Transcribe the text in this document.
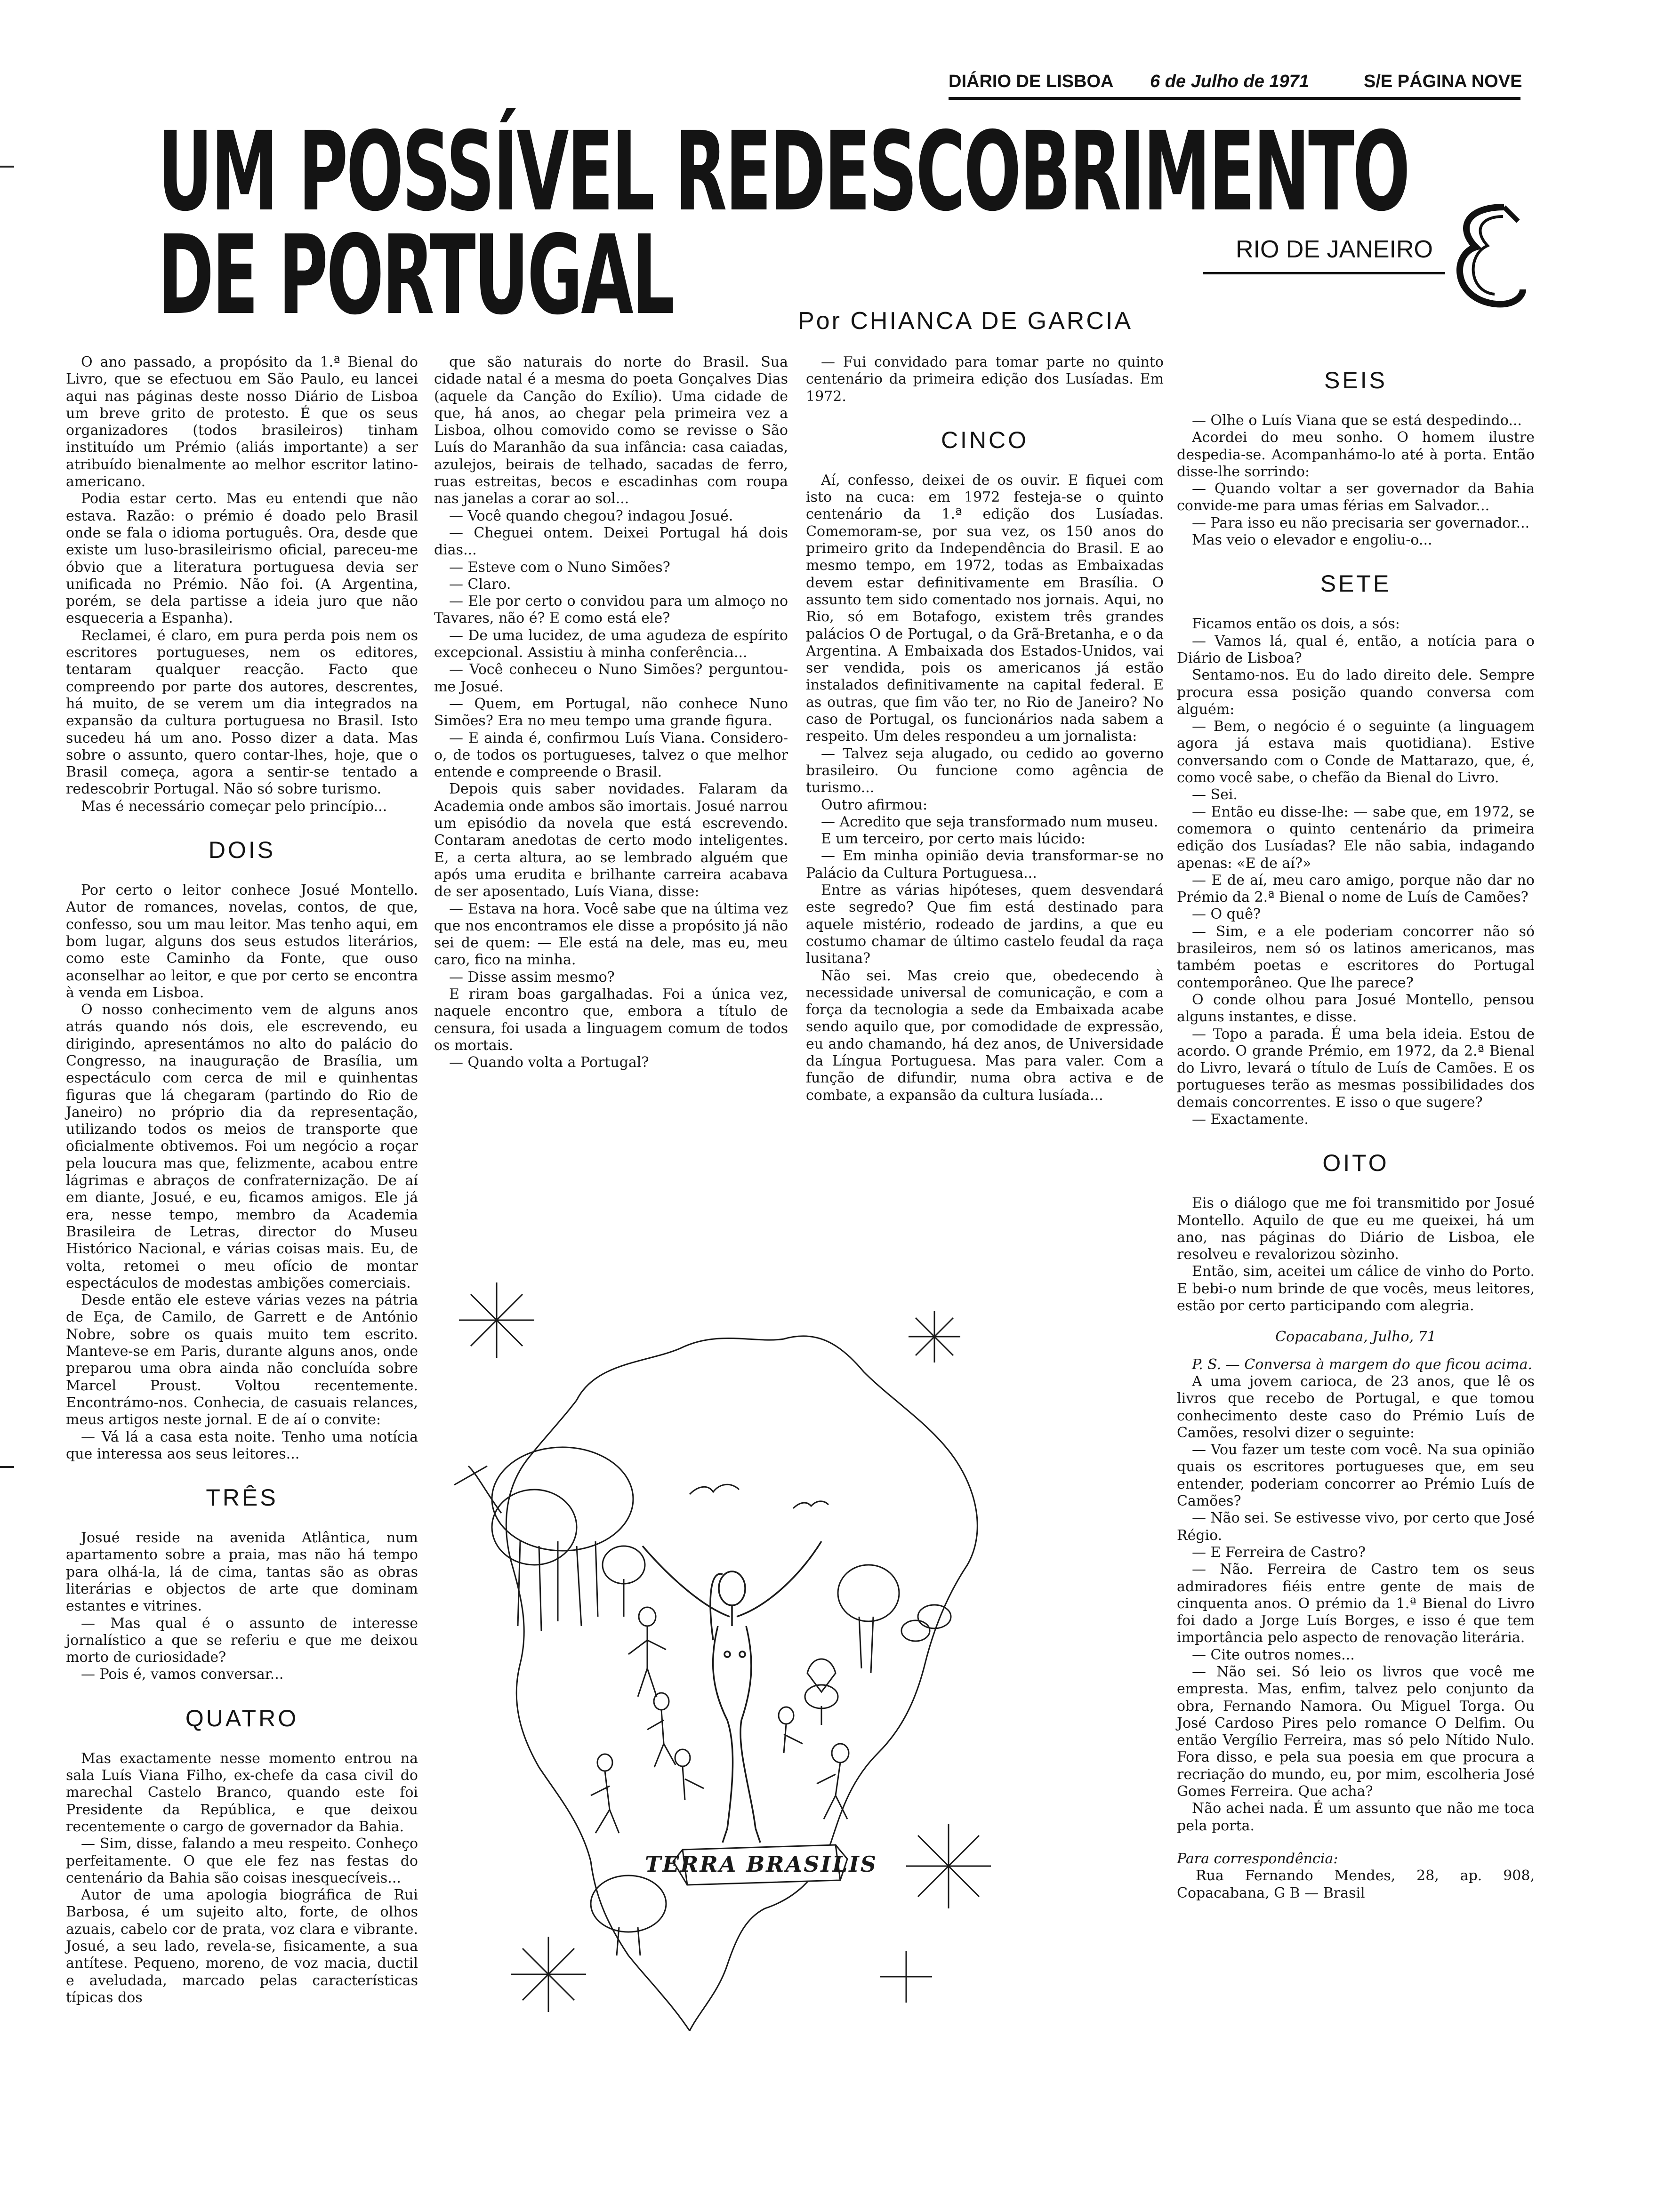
DIÁRIO DE LISBOA 6 de Julho de 1971	S/E PÁGINA NOVE
UM POSSÍVEL REDESCOBRIMENTO
DE PORTUGAL	RIO DE JANEIRO
E
Por CHIANCA DE GARCIA

O ano passado, a propósito da 1.ª Bienal do Livro, que se efectuou em São Paulo, eu lancei aqui nas páginas deste nosso Diário de Lisboa um breve grito de protesto. É que os seus organizadores (todos brasileiros) tinham instituído um Prémio (aliás importante) a ser atribuído bienalmente ao melhor escritor latino-americano.

Podia estar certo. Mas eu entendi que não estava. Razão: o prémio é doado pelo Brasil onde se fala o idioma português. Ora, desde que existe um luso-brasileirismo oficial, pareceu-me óbvio que a literatura portuguesa devia ser unificada no Prémio. Não foi. (A Argentina, porém, se dela partisse a ideia juro que não esqueceria a Espanha).

Reclamei, é claro, em pura perda pois nem os escritores portugueses, nem os editores, tentaram qualquer reacção. Facto que compreendo por parte dos autores, descrentes, há muito, de se verem um dia integrados na expansão da cultura portuguesa no Brasil. Isto sucedeu há um ano. Posso dizer a data. Mas sobre o assunto, quero contar-lhes, hoje, que o Brasil começa, agora a sentir-se tentado a redescobrir Portugal. Não só sobre turismo.

Mas é necessário começar pelo princípio...

DOIS

Por certo o leitor conhece Josué Montello. Autor de romances, novelas, contos, de que, confesso, sou um mau leitor. Mas tenho aqui, em bom lugar, alguns dos seus estudos literários, como este Caminho da Fonte, que ouso aconselhar ao leitor, e que por certo se encontra à venda em Lisboa.

O nosso conhecimento vem de alguns anos atrás quando nós dois, ele escrevendo, eu dirigindo, apresentámos no alto do palácio do Congresso, na inauguração de Brasília, um espectáculo com cerca de mil e quinhentas figuras que lá chegaram (partindo do Rio de Janeiro) no próprio dia da representação, utilizando todos os meios de transporte que oficialmente obtivemos. Foi um negócio a roçar pela loucura mas que, felizmente, acabou entre lágrimas e abraços de confraternização. De aí em diante, Josué, e eu, ficamos amigos. Ele já era, nesse tempo, membro da Academia Brasileira de Letras, director do Museu Histórico Nacional, e várias coisas mais. Eu, de volta, retomei o meu ofício de montar espectáculos de modestas ambições comerciais.

Desde então ele esteve várias vezes na pátria de Eça, de Camilo, de Garrett e de António Nobre, sobre os quais muito tem escrito. Manteve-se em Paris, durante alguns anos, onde preparou uma obra ainda não concluída sobre Marcel Proust. Voltou recentemente. Encontrámo-nos. Conhecia, de casuais relances, meus artigos neste jornal. E de aí o convite:

— Vá lá a casa esta noite. Tenho uma notícia que interessa aos seus leitores...

TRÊS

Josué reside na avenida Atlântica, num apartamento sobre a praia, mas não há tempo para olhá-la, lá de cima, tantas são as obras literárias e objectos de arte que dominam estantes e vitrines.

— Mas qual é o assunto de interesse jornalístico a que se referiu e que me deixou morto de curiosidade?

— Pois é, vamos conversar...

QUATRO

Mas exactamente nesse momento entrou na sala Luís Viana Filho, ex-chefe da casa civil do marechal Castelo Branco, quando este foi Presidente da República, e que deixou recentemente o cargo de governador da Bahia.

— Sim, disse, falando a meu respeito. Conheço perfeitamente. O que ele fez nas festas do centenário da Bahia são coisas inesquecíveis...

Autor de uma apologia biográfica de Rui Barbosa, é um sujeito alto, forte, de olhos azuais, cabelo cor de prata, voz clara e vibrante. Josué, a seu lado, revela-se, fisicamente, a sua antítese. Pequeno, moreno, de voz macia, ductil e aveludada, marcado pelas características típicas dos

que são naturais do norte do Brasil. Sua cidade natal é a mesma do poeta Gonçalves Dias (aquele da Canção do Exílio). Uma cidade de que, há anos, ao chegar pela primeira vez a Lisboa, olhou comovido como se revisse o São Luís do Maranhão da sua infância: casa caiadas, azulejos, beirais de telhado, sacadas de ferro, ruas estreitas, becos e escadinhas com roupa nas janelas a corar ao sol...

— Você quando chegou? indagou Josué.

— Cheguei ontem. Deixei Portugal há dois dias...

— Esteve com o Nuno Simões?

— Claro.

— Ele por certo o convidou para um almoço no Tavares, não é? E como está ele?

— De uma lucidez, de uma agudeza de espírito excepcional. Assistiu à minha conferência...

— Você conheceu o Nuno Simões? perguntou-me Josué.

— Quem, em Portugal, não conhece Nuno Simões? Era no meu tempo uma grande figura.

— E ainda é, confirmou Luís Viana. Considero-o, de todos os portugueses, talvez o que melhor entende e compreende o Brasil.

Depois quis saber novidades. Falaram da Academia onde ambos são imortais. Josué narrou um episódio da novela que está escrevendo. Contaram anedotas de certo modo inteligentes. E, a certa altura, ao se lembrado alguém que após uma erudita e brilhante carreira acabava de ser aposentado, Luís Viana, disse:

— Estava na hora. Você sabe que na última vez que nos encontramos ele disse a propósito já não sei de quem: — Ele está na dele, mas eu, meu caro, fico na minha.

— Disse assim mesmo?

E riram boas gargalhadas. Foi a única vez, naquele encontro que, embora a título de censura, foi usada a linguagem comum de todos os mortais.

— Quando volta a Portugal?

— Fui convidado para tomar parte no quinto centenário da primeira edição dos Lusíadas. Em 1972.

CINCO

Aí, confesso, deixei de os ouvir. E fiquei com isto na cuca: em 1972 festeja-se o quinto centenário da 1.ª edição dos Lusíadas. Comemoram-se, por sua vez, os 150 anos do primeiro grito da Independência do Brasil. E ao mesmo tempo, em 1972, todas as Embaixadas devem estar definitivamente em Brasília. O assunto tem sido comentado nos jornais. Aqui, no Rio, só em Botafogo, existem três grandes palácios O de Portugal, o da Grã-Bretanha, e o da Argentina. A Embaixada dos Estados-Unidos, vai ser vendida, pois os americanos já estão instalados definitivamente na capital federal. E as outras, que fim vão ter, no Rio de Janeiro? No caso de Portugal, os funcionários nada sabem a respeito. Um deles respondeu a um jornalista:

— Talvez seja alugado, ou cedido ao governo brasileiro. Ou funcione como agência de turismo...

Outro afirmou:

— Acredito que seja transformado num museu.

E um terceiro, por certo mais lúcido:

— Em minha opinião devia transformar-se no Palácio da Cultura Portuguesa...

Entre as várias hipóteses, quem desvendará este segredo? Que fim está destinado para aquele mistério, rodeado de jardins, a que eu costumo chamar de último castelo feudal da raça lusitana?

Não sei. Mas creio que, obedecendo à necessidade universal de comunicação, e com a força da tecnologia a sede da Embaixada acabe sendo aquilo que, por comodidade de expressão, eu ando chamando, há dez anos, de Universidade da Língua Portuguesa. Mas para valer. Com a função de difundir, numa obra activa e de combate, a expansão da cultura lusíada...

SEIS

— Olhe o Luís Viana que se está despedindo...

Acordei do meu sonho. O homem ilustre despedia-se. Acompanhámo-lo até à porta. Então disse-lhe sorrindo:

— Quando voltar a ser governador da Bahia convide-me para umas férias em Salvador...

— Para isso eu não precisaria ser governador...

Mas veio o elevador e engoliu-o...

SETE

Ficamos então os dois, a sós:

— Vamos lá, qual é, então, a notícia para o Diário de Lisboa?

Sentamo-nos. Eu do lado direito dele. Sempre procura essa posição quando conversa com alguém:

— Bem, o negócio é o seguinte (a linguagem agora já estava mais quotidiana). Estive conversando com o Conde de Mattarazo, que, é, como você sabe, o chefão da Bienal do Livro.

— Sei.

— Então eu disse-lhe: — sabe que, em 1972, se comemora o quinto centenário da primeira edição dos Lusíadas? Ele não sabia, indagando apenas: «E de aí?»

— E de aí, meu caro amigo, porque não dar no Prémio da 2.ª Bienal o nome de Luís de Camões?

— O quê?

— Sim, e a ele poderiam concorrer não só brasileiros, nem só os latinos americanos, mas também poetas e escritores do Portugal contemporâneo. Que lhe parece?

O conde olhou para Josué Montello, pensou alguns instantes, e disse.

— Topo a parada. É uma bela ideia. Estou de acordo. O grande Prémio, em 1972, da 2.ª Bienal do Livro, levará o título de Luís de Camões. E os portugueses terão as mesmas possibilidades dos demais concorrentes. E isso o que sugere?

— Exactamente.

OITO

Eis o diálogo que me foi transmitido por Josué Montello. Aquilo de que eu me queixei, há um ano, nas páginas do Diário de Lisboa, ele resolveu e revalorizou sòzinho.

Então, sim, aceitei um cálice de vinho do Porto. E bebi-o num brinde de que vocês, meus leitores, estão por certo participando com alegria.

Copacabana, Julho, 71

P. S. — Conversa à margem do que ficou acima.

A uma jovem carioca, de 23 anos, que lê os livros que recebo de Portugal, e que tomou conhecimento deste caso do Prémio Luís de Camões, resolvi dizer o seguinte:

— Vou fazer um teste com você. Na sua opinião quais os escritores portugueses que, em seu entender, poderiam concorrer ao Prémio Luís de Camões?

— Não sei. Se estivesse vivo, por certo que José Régio.

— E Ferreira de Castro?

— Não. Ferreira de Castro tem os seus admiradores fiéis entre gente de mais de cinquenta anos. O prémio da 1.ª Bienal do Livro foi dado a Jorge Luís Borges, e isso é que tem importância pelo aspecto de renovação literária.

— Cite outros nomes...

— Não sei. Só leio os livros que você me empresta. Mas, enfim, talvez pelo conjunto da obra, Fernando Namora. Ou Miguel Torga. Ou José Cardoso Pires pelo romance O Delfim. Ou então Vergílio Ferreira, mas só pelo Nítido Nulo. Fora disso, e pela sua poesia em que procura a recriação do mundo, eu, por mim, escolheria José Gomes Ferreira. Que acha?

Não achei nada. É um assunto que não me toca pela porta.

Para correspondência:

Rua Fernando Mendes, 28, ap. 908, Copacabana, G B — Brasil

TERRA BRASILIS
